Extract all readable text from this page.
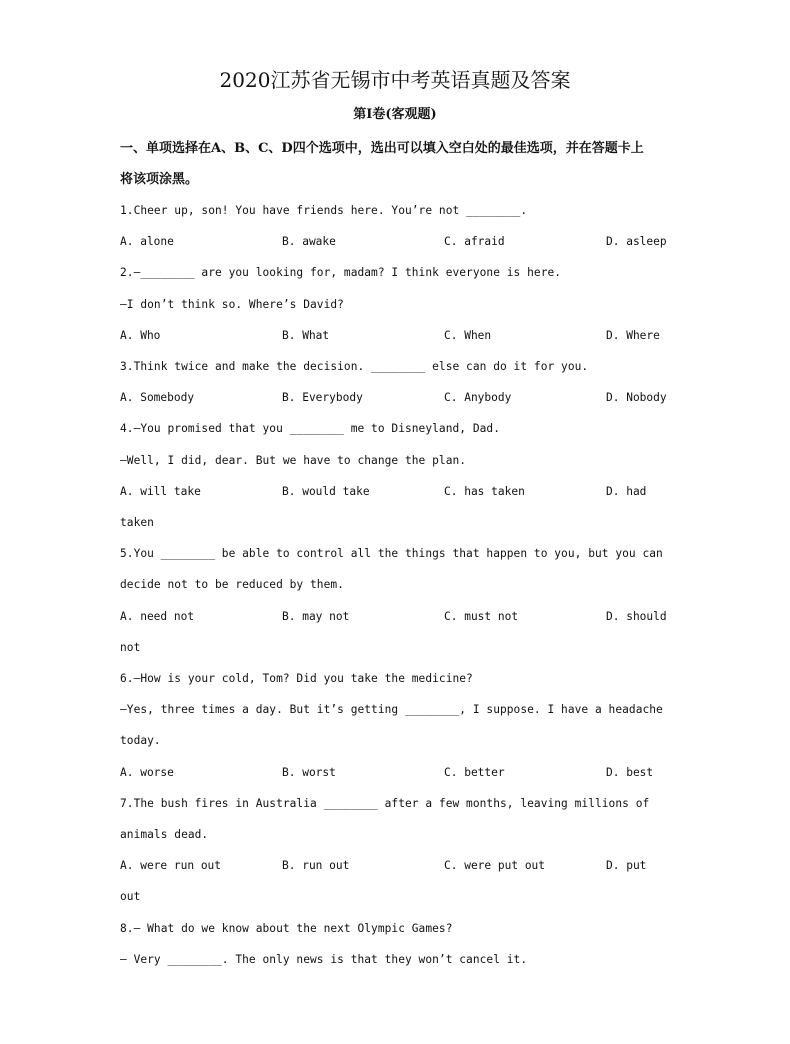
2020江苏省无锡市中考英语真题及答案
第Ⅰ卷(客观题)
一、单项选择在A、B、C、D四个选项中，选出可以填入空白处的最佳选项，并在答题卡上
将该项涂黑。
1.Cheer up, son! You have friends here. You’re not ________.
A. alone	B. awake	C. afraid	D. asleep
2.—________ are you looking for, madam? I think everyone is here.
—I don’t think so. Where’s David?
A. Who	B. What	C. When	D. Where
3.Think twice and make the decision. ________ else can do it for you.
A. Somebody	B. Everybody	C. Anybody	D. Nobody
4.—You promised that you ________ me to Disneyland, Dad.
—Well, I did, dear. But we have to change the plan.
A. will take	B. would take	C. has taken	D. had
taken
5.You ________ be able to control all the things that happen to you, but you can
decide not to be reduced by them.
A. need not	B. may not	C. must not	D. should
not
6.—How is your cold, Tom? Did you take the medicine?
—Yes, three times a day. But it’s getting ________, I suppose. I have a headache
today.
A. worse	B. worst	C. better	D. best
7.The bush fires in Australia ________ after a few months, leaving millions of
animals dead.
A. were run out	B. run out	C. were put out	D. put
out
8.— What do we know about the next Olympic Games?
— Very ________. The only news is that they won’t cancel it.
